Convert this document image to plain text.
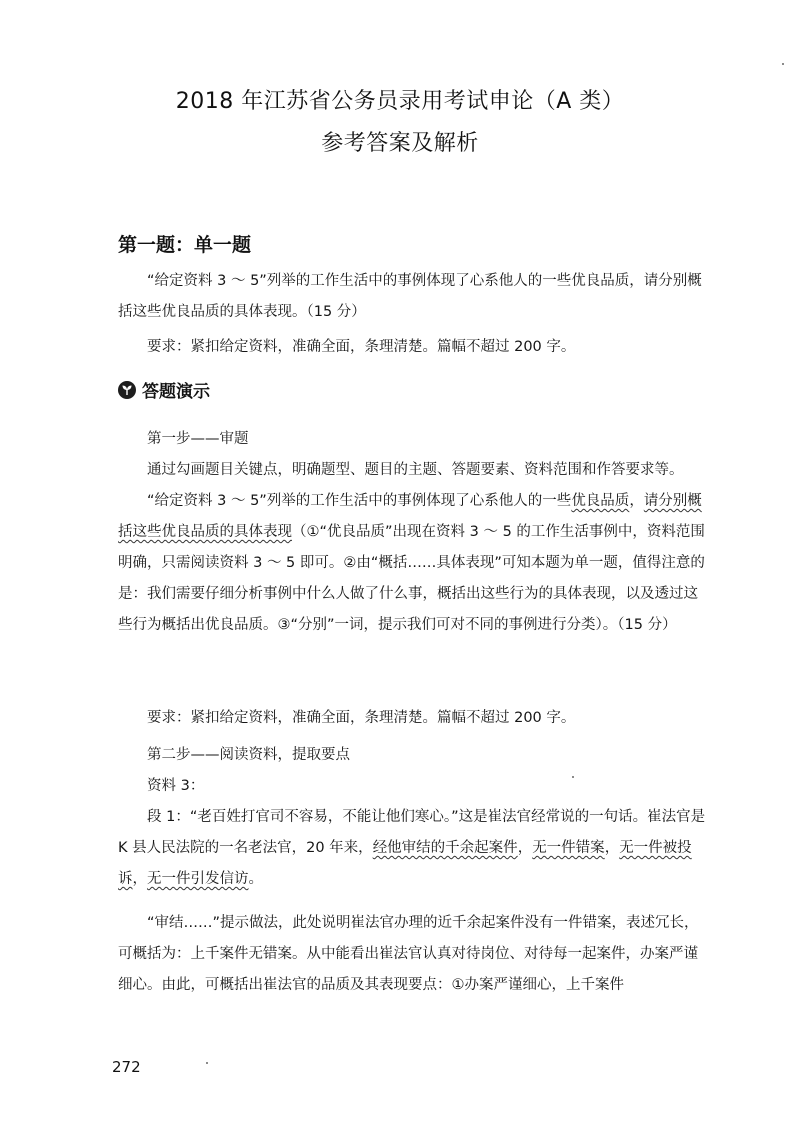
2018 年江苏省公务员录用考试申论（A 类）
参考答案及解析
第一题：单一题
“给定资料 3 ～ 5”列举的工作生活中的事例体现了心系他人的一些优良品质，请分别概括这些优良品质的具体表现。（15 分）
要求：紧扣给定资料，准确全面，条理清楚。篇幅不超过 200 字。
答题演示
第一步——审题
通过勾画题目关键点，明确题型、题目的主题、答题要素、资料范围和作答要求等。
“给定资料 3 ～ 5”列举的工作生活中的事例体现了心系他人的一些优良品质，请分别概括这些优良品质的具体表现（①“优良品质”出现在资料 3 ～ 5 的工作生活事例中，资料范围明确，只需阅读资料 3 ～ 5 即可。②由“概括……具体表现”可知本题为单一题，值得注意的是：我们需要仔细分析事例中什么人做了什么事，概括出这些行为的具体表现，以及透过这些行为概括出优良品质。③“分别”一词，提示我们可对不同的事例进行分类）。（15 分）
要求：紧扣给定资料，准确全面，条理清楚。篇幅不超过 200 字。
第二步——阅读资料，提取要点
资料 3：
段 1：“老百姓打官司不容易，不能让他们寒心。”这是崔法官经常说的一句话。崔法官是 K 县人民法院的一名老法官，20 年来，经他审结的千余起案件，无一件错案，无一件被投诉，无一件引发信访。
“审结……”提示做法，此处说明崔法官办理的近千余起案件没有一件错案，表述冗长，可概括为：上千案件无错案。从中能看出崔法官认真对待岗位、对待每一起案件，办案严谨细心。由此，可概括出崔法官的品质及其表现要点：①办案严谨细心，上千案件
272
